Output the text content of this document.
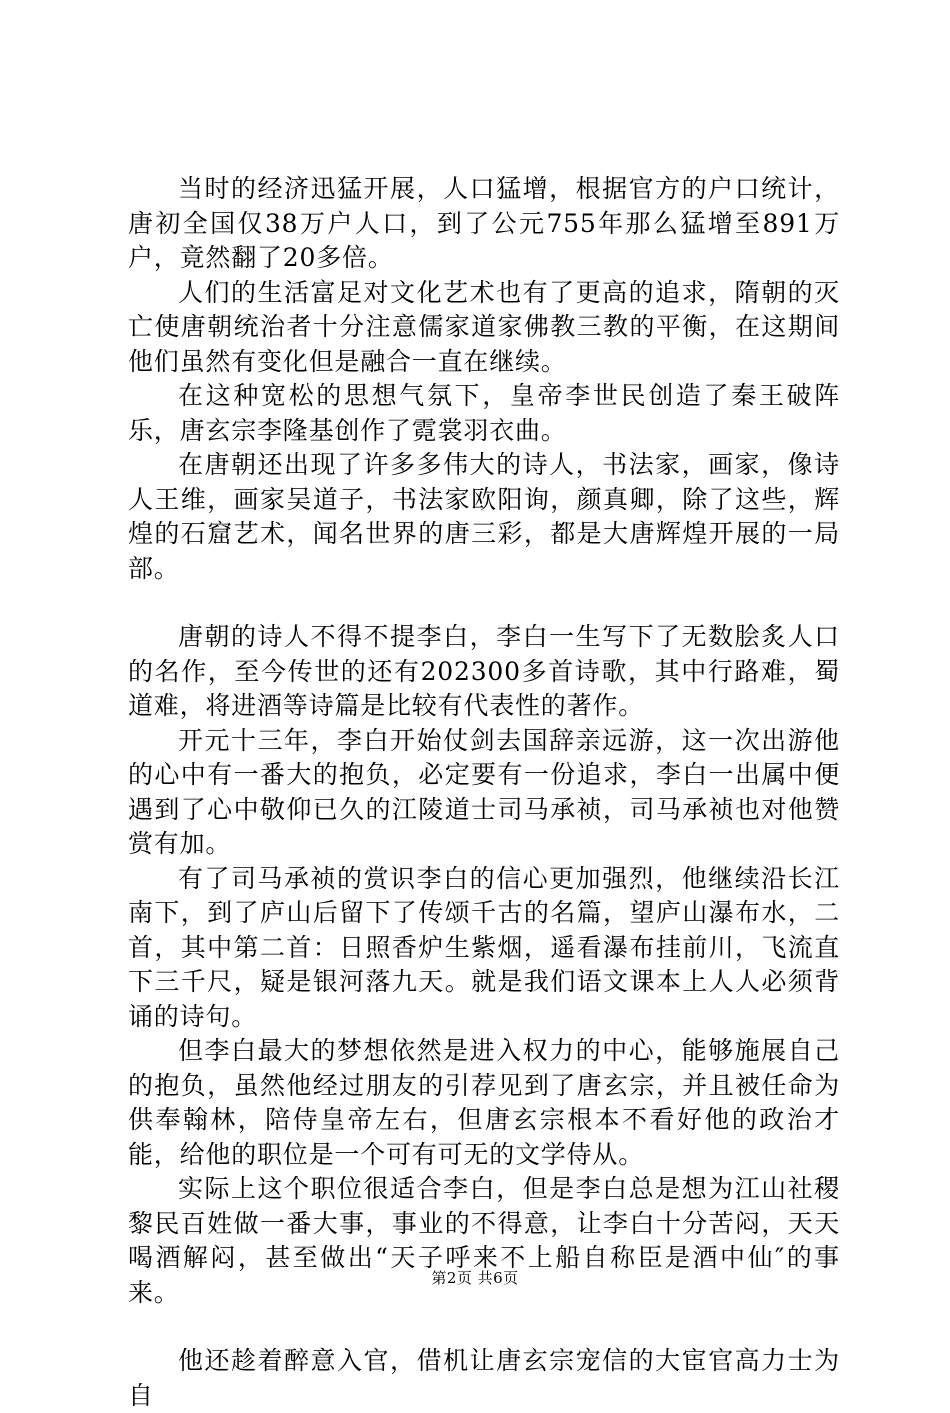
当时的经济迅猛开展，人口猛增，根据官方的户口统计，唐初全国仅38万户人口，到了公元755年那么猛增至891万户，竟然翻了20多倍。

人们的生活富足对文化艺术也有了更高的追求，隋朝的灭亡使唐朝统治者十分注意儒家道家佛教三教的平衡，在这期间他们虽然有变化但是融合一直在继续。

在这种宽松的思想气氛下，皇帝李世民创造了秦王破阵乐，唐玄宗李隆基创作了霓裳羽衣曲。

在唐朝还出现了许多多伟大的诗人，书法家，画家，像诗人王维，画家吴道子，书法家欧阳询，颜真卿，除了这些，辉煌的石窟艺术，闻名世界的唐三彩，都是大唐辉煌开展的一局部。

唐朝的诗人不得不提李白，李白一生写下了无数脍炙人口的名作，至今传世的还有202300多首诗歌，其中行路难，蜀道难，将进酒等诗篇是比较有代表性的著作。

开元十三年，李白开始仗剑去国辞亲远游，这一次出游他的心中有一番大的抱负，必定要有一份追求，李白一出属中便遇到了心中敬仰已久的江陵道士司马承祯，司马承祯也对他赞赏有加。

有了司马承祯的赏识李白的信心更加强烈，他继续沿长江南下，到了庐山后留下了传颂千古的名篇，望庐山瀑布水，二首，其中第二首：日照香炉生紫烟，遥看瀑布挂前川，飞流直下三千尺，疑是银河落九天。就是我们语文课本上人人必须背诵的诗句。

但李白最大的梦想依然是进入权力的中心，能够施展自己的抱负，虽然他经过朋友的引荐见到了唐玄宗，并且被任命为供奉翰林，陪侍皇帝左右，但唐玄宗根本不看好他的政治才能，给他的职位是一个可有可无的文学侍从。

实际上这个职位很适合李白，但是李白总是想为江山社稷黎民百姓做一番大事，事业的不得意，让李白十分苦闷，天天喝酒解闷，甚至做出“天子呼来不上船自称臣是酒中仙″的事来。

他还趁着醉意入官，借机让唐玄宗宠信的大宦官高力士为自

第2页 共6页
